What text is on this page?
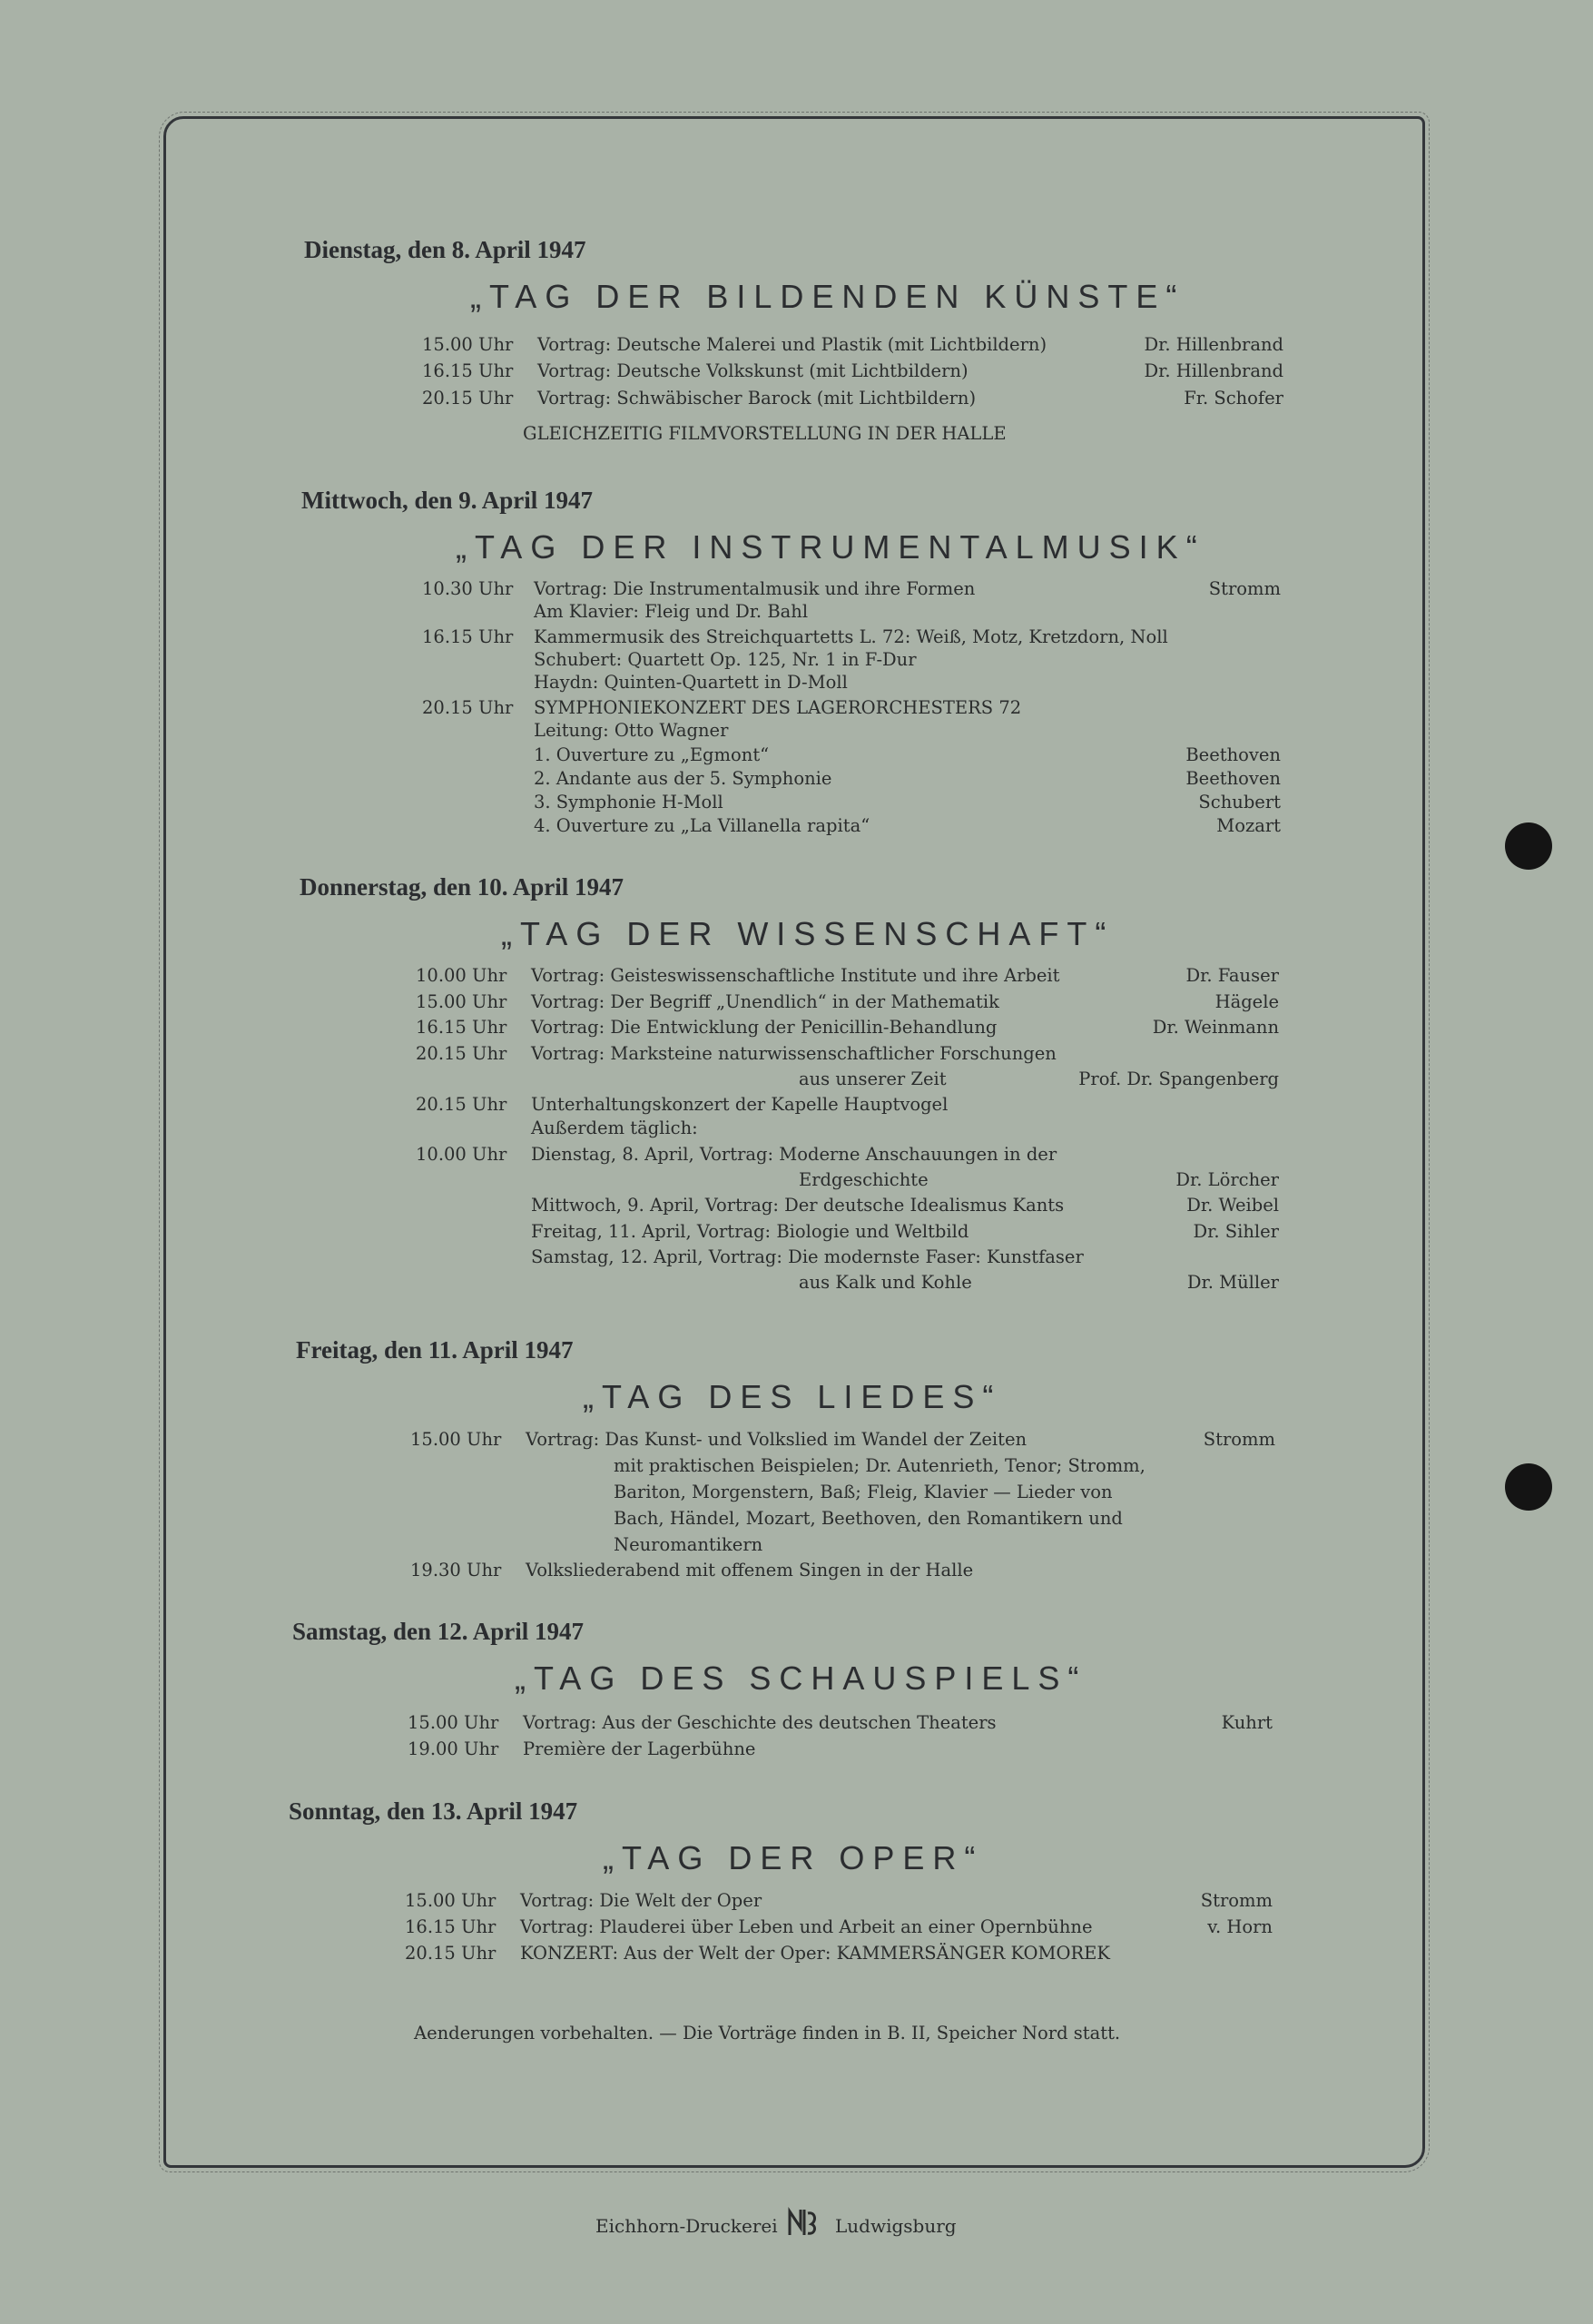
Dienstag, den 8. April 1947
„TAG DER BILDENDEN KÜNSTE“
15.00 Uhr Vortrag: Deutsche Malerei und Plastik (mit Lichtbildern)	Dr. Hillenbrand
16.15 Uhr Vortrag: Deutsche Volkskunst (mit Lichtbildern)	Dr. Hillenbrand
20.15 Uhr Vortrag: Schwäbischer Barock (mit Lichtbildern)	Fr. Schofer
GLEICHZEITIG FILMVORSTELLUNG IN DER HALLE
Mittwoch, den 9. April 1947
„TAG DER INSTRUMENTALMUSIK“
10.30 Uhr Vortrag: Die Instrumentalmusik und ihre Formen	Stromm
Am Klavier: Fleig und Dr. Bahl
16.15 Uhr Kammermusik des Streichquartetts L. 72: Weiß, Motz, Kretzdorn, Noll
Schubert: Quartett Op. 125, Nr. 1 in F-Dur
Haydn: Quinten-Quartett in D-Moll
20.15 Uhr SYMPHONIEKONZERT DES LAGERORCHESTERS 72
Leitung: Otto Wagner
1. Ouverture zu „Egmont“	Beethoven
2. Andante aus der 5. Symphonie	Beethoven
3. Symphonie H-Moll	Schubert
4. Ouverture zu „La Villanella rapita“	Mozart
Donnerstag, den 10. April 1947
„TAG DER WISSENSCHAFT“
10.00 Uhr Vortrag: Geisteswissenschaftliche Institute und ihre Arbeit	Dr. Fauser
15.00 Uhr Vortrag: Der Begriff „Unendlich“ in der Mathematik	Hägele
16.15 Uhr Vortrag: Die Entwicklung der Penicillin-Behandlung	Dr. Weinmann
20.15 Uhr Vortrag: Marksteine naturwissenschaftlicher Forschungen
aus unserer Zeit	Prof. Dr. Spangenberg
20.15 Uhr Unterhaltungskonzert der Kapelle Hauptvogel
Außerdem täglich:
10.00 Uhr Dienstag, 8. April, Vortrag: Moderne Anschauungen in der
Erdgeschichte	Dr. Lörcher
Mittwoch, 9. April, Vortrag: Der deutsche Idealismus Kants	Dr. Weibel
Freitag, 11. April, Vortrag: Biologie und Weltbild	Dr. Sihler
Samstag, 12. April, Vortrag: Die modernste Faser: Kunstfaser
aus Kalk und Kohle	Dr. Müller
Freitag, den 11. April 1947
„TAG DES LIEDES“
15.00 Uhr Vortrag: Das Kunst- und Volkslied im Wandel der Zeiten	Stromm
mit praktischen Beispielen; Dr. Autenrieth, Tenor; Stromm,
Bariton, Morgenstern, Baß; Fleig, Klavier — Lieder von
Bach, Händel, Mozart, Beethoven, den Romantikern und
Neuromantikern
19.30 Uhr Volksliederabend mit offenem Singen in der Halle
Samstag, den 12. April 1947
„TAG DES SCHAUSPIELS“
15.00 Uhr Vortrag: Aus der Geschichte des deutschen Theaters	Kuhrt
19.00 Uhr Première der Lagerbühne
Sonntag, den 13. April 1947
„TAG DER OPER“
15.00 Uhr Vortrag: Die Welt der Oper	Stromm
16.15 Uhr Vortrag: Plauderei über Leben und Arbeit an einer Opernbühne	v. Horn
20.15 Uhr KONZERT: Aus der Welt der Oper: KAMMERSÄNGER KOMOREK
Aenderungen vorbehalten. — Die Vorträge finden in B. II, Speicher Nord statt.
Eichhorn-Druckerei	Ludwigsburg
